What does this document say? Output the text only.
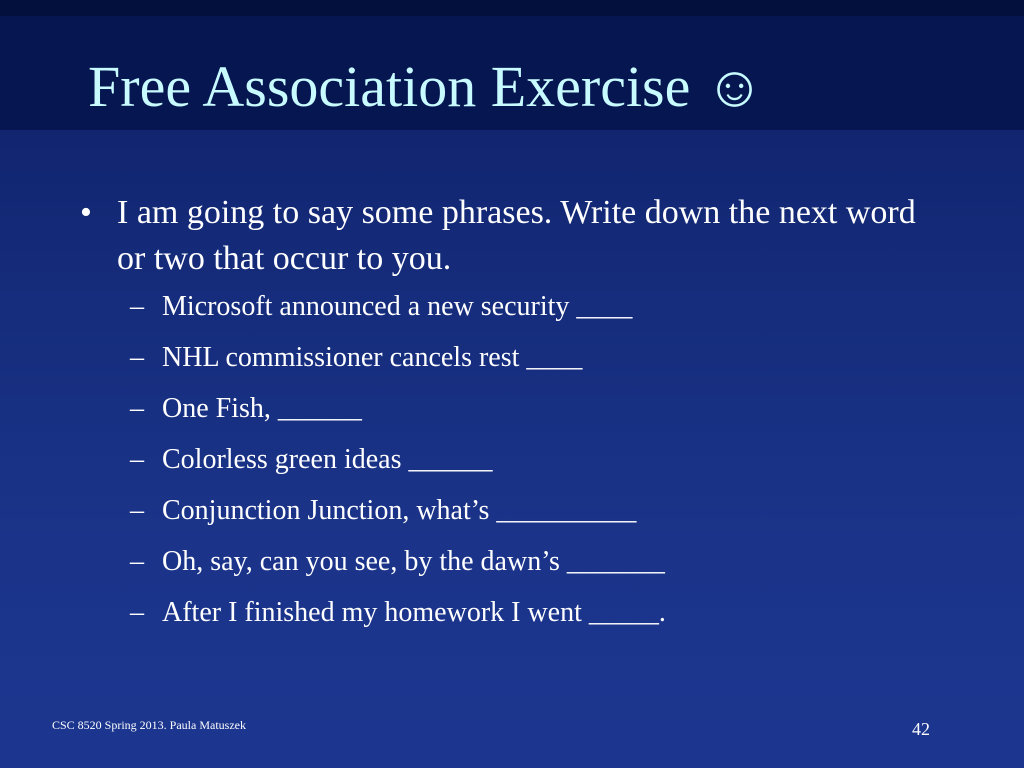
Free Association Exercise ☺
• I am going to say some phrases. Write down the next word or two that occur to you.
– Microsoft announced a new security ____
– NHL commissioner cancels rest ____
– One Fish, ______
– Colorless green ideas ______
– Conjunction Junction, what’s __________
– Oh, say, can you see, by the dawn’s _______
– After I finished my homework I went _____.
CSC 8520 Spring 2013. Paula Matuszek	42
